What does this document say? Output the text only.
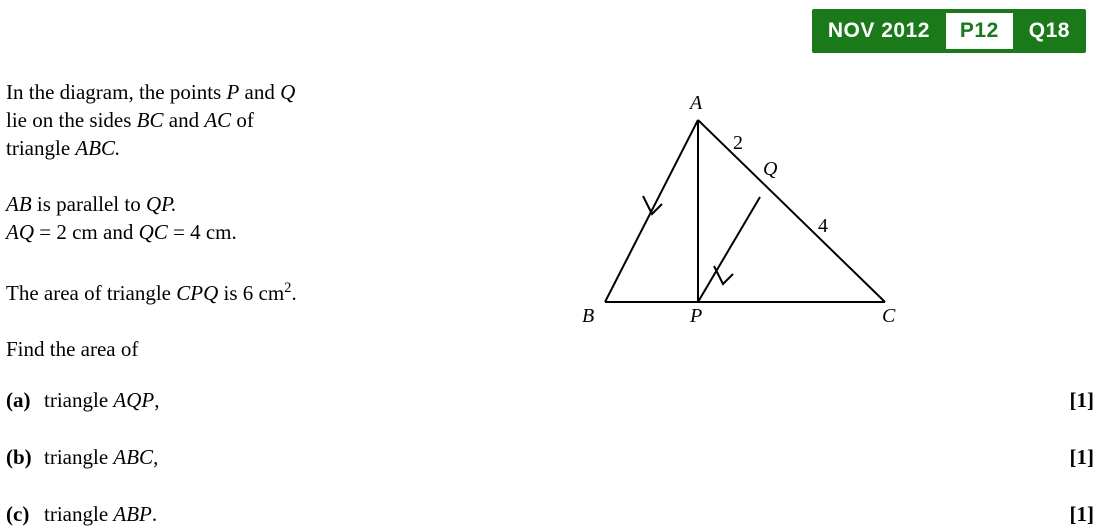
NOV 2012	P12	Q18

In the diagram, the points P and Q

lie on the sides BC and AC of

triangle ABC.

AB is parallel to QP.

AQ = 2 cm and QC = 4 cm.

The area of triangle CPQ is 6 $cm^2$.

Find the area of

A
B	C
P
Q
2
4
(a) triangle AQP,	[1]
(b) triangle ABC,	[1]
(c) triangle ABP.	[1]
